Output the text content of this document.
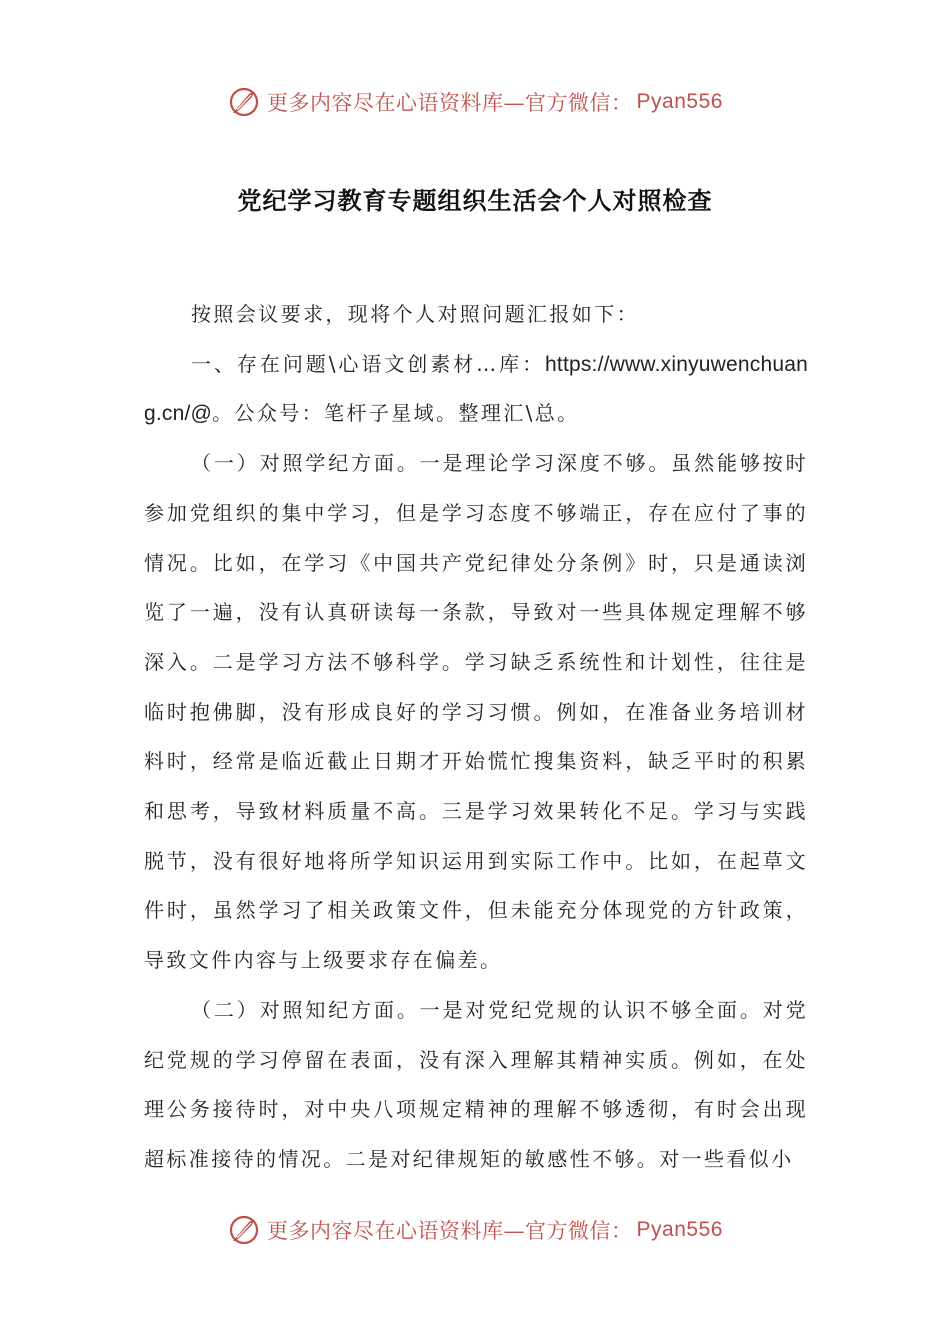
更多内容尽在心语资料库—官方微信： Pyan556
党纪学习教育专题组织生活会个人对照检查

按照会议要求，现将个人对照问题汇报如下：

一、存在问题\心语文创素材…库：https://www.xinyuwenchuang.cn/@。公众号：笔杆子星域。整理汇\总。

（一）对照学纪方面。一是理论学习深度不够。虽然能够按时参加党组织的集中学习，但是学习态度不够端正，存在应付了事的情况。比如，在学习《中国共产党纪律处分条例》时，只是通读浏览了一遍，没有认真研读每一条款，导致对一些具体规定理解不够深入。二是学习方法不够科学。学习缺乏系统性和计划性，往往是临时抱佛脚，没有形成良好的学习习惯。例如，在准备业务培训材料时，经常是临近截止日期才开始慌忙搜集资料，缺乏平时的积累和思考，导致材料质量不高。三是学习效果转化不足。学习与实践脱节，没有很好地将所学知识运用到实际工作中。比如，在起草文件时，虽然学习了相关政策文件，但未能充分体现党的方针政策，导致文件内容与上级要求存在偏差。

（二）对照知纪方面。一是对党纪党规的认识不够全面。对党纪党规的学习停留在表面，没有深入理解其精神实质。例如，在处理公务接待时，对中央八项规定精神的理解不够透彻，有时会出现超标准接待的情况。二是对纪律规矩的敏感性不够。对一些看似小

更多内容尽在心语资料库—官方微信： Pyan556
